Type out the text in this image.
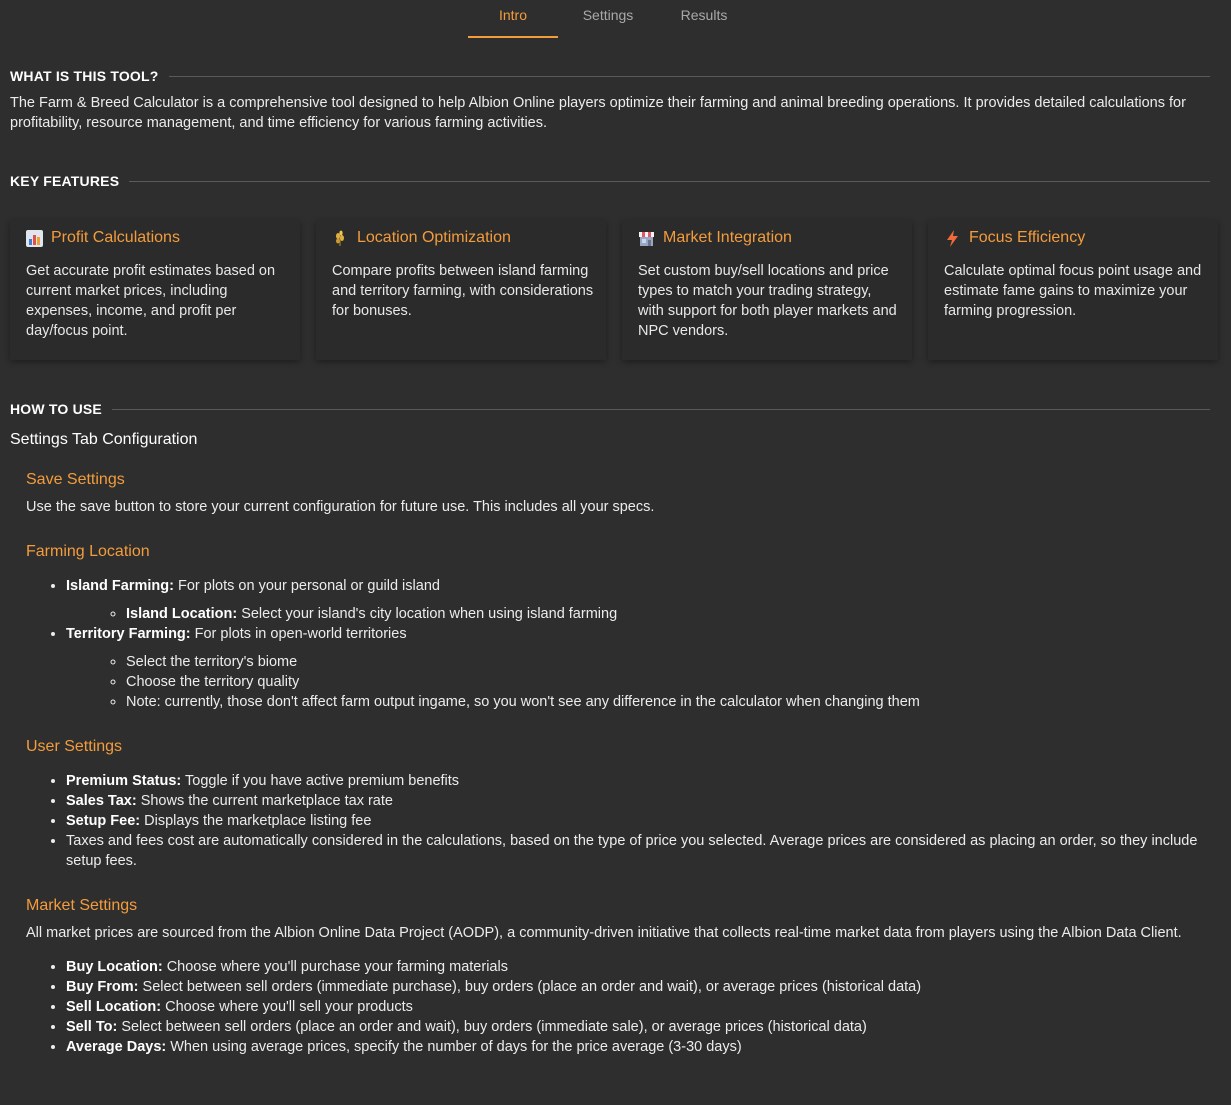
Intro	Settings	Results
WHAT IS THIS TOOL?
The Farm & Breed Calculator is a comprehensive tool designed to help Albion Online players optimize their farming and animal breeding operations. It provides detailed calculations for profitability, resource management, and time efficiency for various farming activities.
KEY FEATURES
Profit Calculations
Get accurate profit estimates based on current market prices, including expenses, income, and profit per day/focus point.
Location Optimization
Compare profits between island farming and territory farming, with considerations for bonuses.
Market Integration
Set custom buy/sell locations and price types to match your trading strategy, with support for both player markets and NPC vendors.
Focus Efficiency
Calculate optimal focus point usage and estimate fame gains to maximize your farming progression.
HOW TO USE
Settings Tab Configuration
Save Settings
Use the save button to store your current configuration for future use. This includes all your specs.
Farming Location
• Island Farming: For plots on your personal or guild island
◦ Island Location: Select your island's city location when using island farming
• Territory Farming: For plots in open-world territories
◦ Select the territory's biome
◦ Choose the territory quality
◦ Note: currently, those don't affect farm output ingame, so you won't see any difference in the calculator when changing them
User Settings
• Premium Status: Toggle if you have active premium benefits
• Sales Tax: Shows the current marketplace tax rate
• Setup Fee: Displays the marketplace listing fee
• Taxes and fees cost are automatically considered in the calculations, based on the type of price you selected. Average prices are considered as placing an order, so they include setup fees.
Market Settings
All market prices are sourced from the Albion Online Data Project (AODP), a community-driven initiative that collects real-time market data from players using the Albion Data Client.
• Buy Location: Choose where you'll purchase your farming materials
• Buy From: Select between sell orders (immediate purchase), buy orders (place an order and wait), or average prices (historical data)
• Sell Location: Choose where you'll sell your products
• Sell To: Select between sell orders (place an order and wait), buy orders (immediate sale), or average prices (historical data)
• Average Days: When using average prices, specify the number of days for the price average (3-30 days)
